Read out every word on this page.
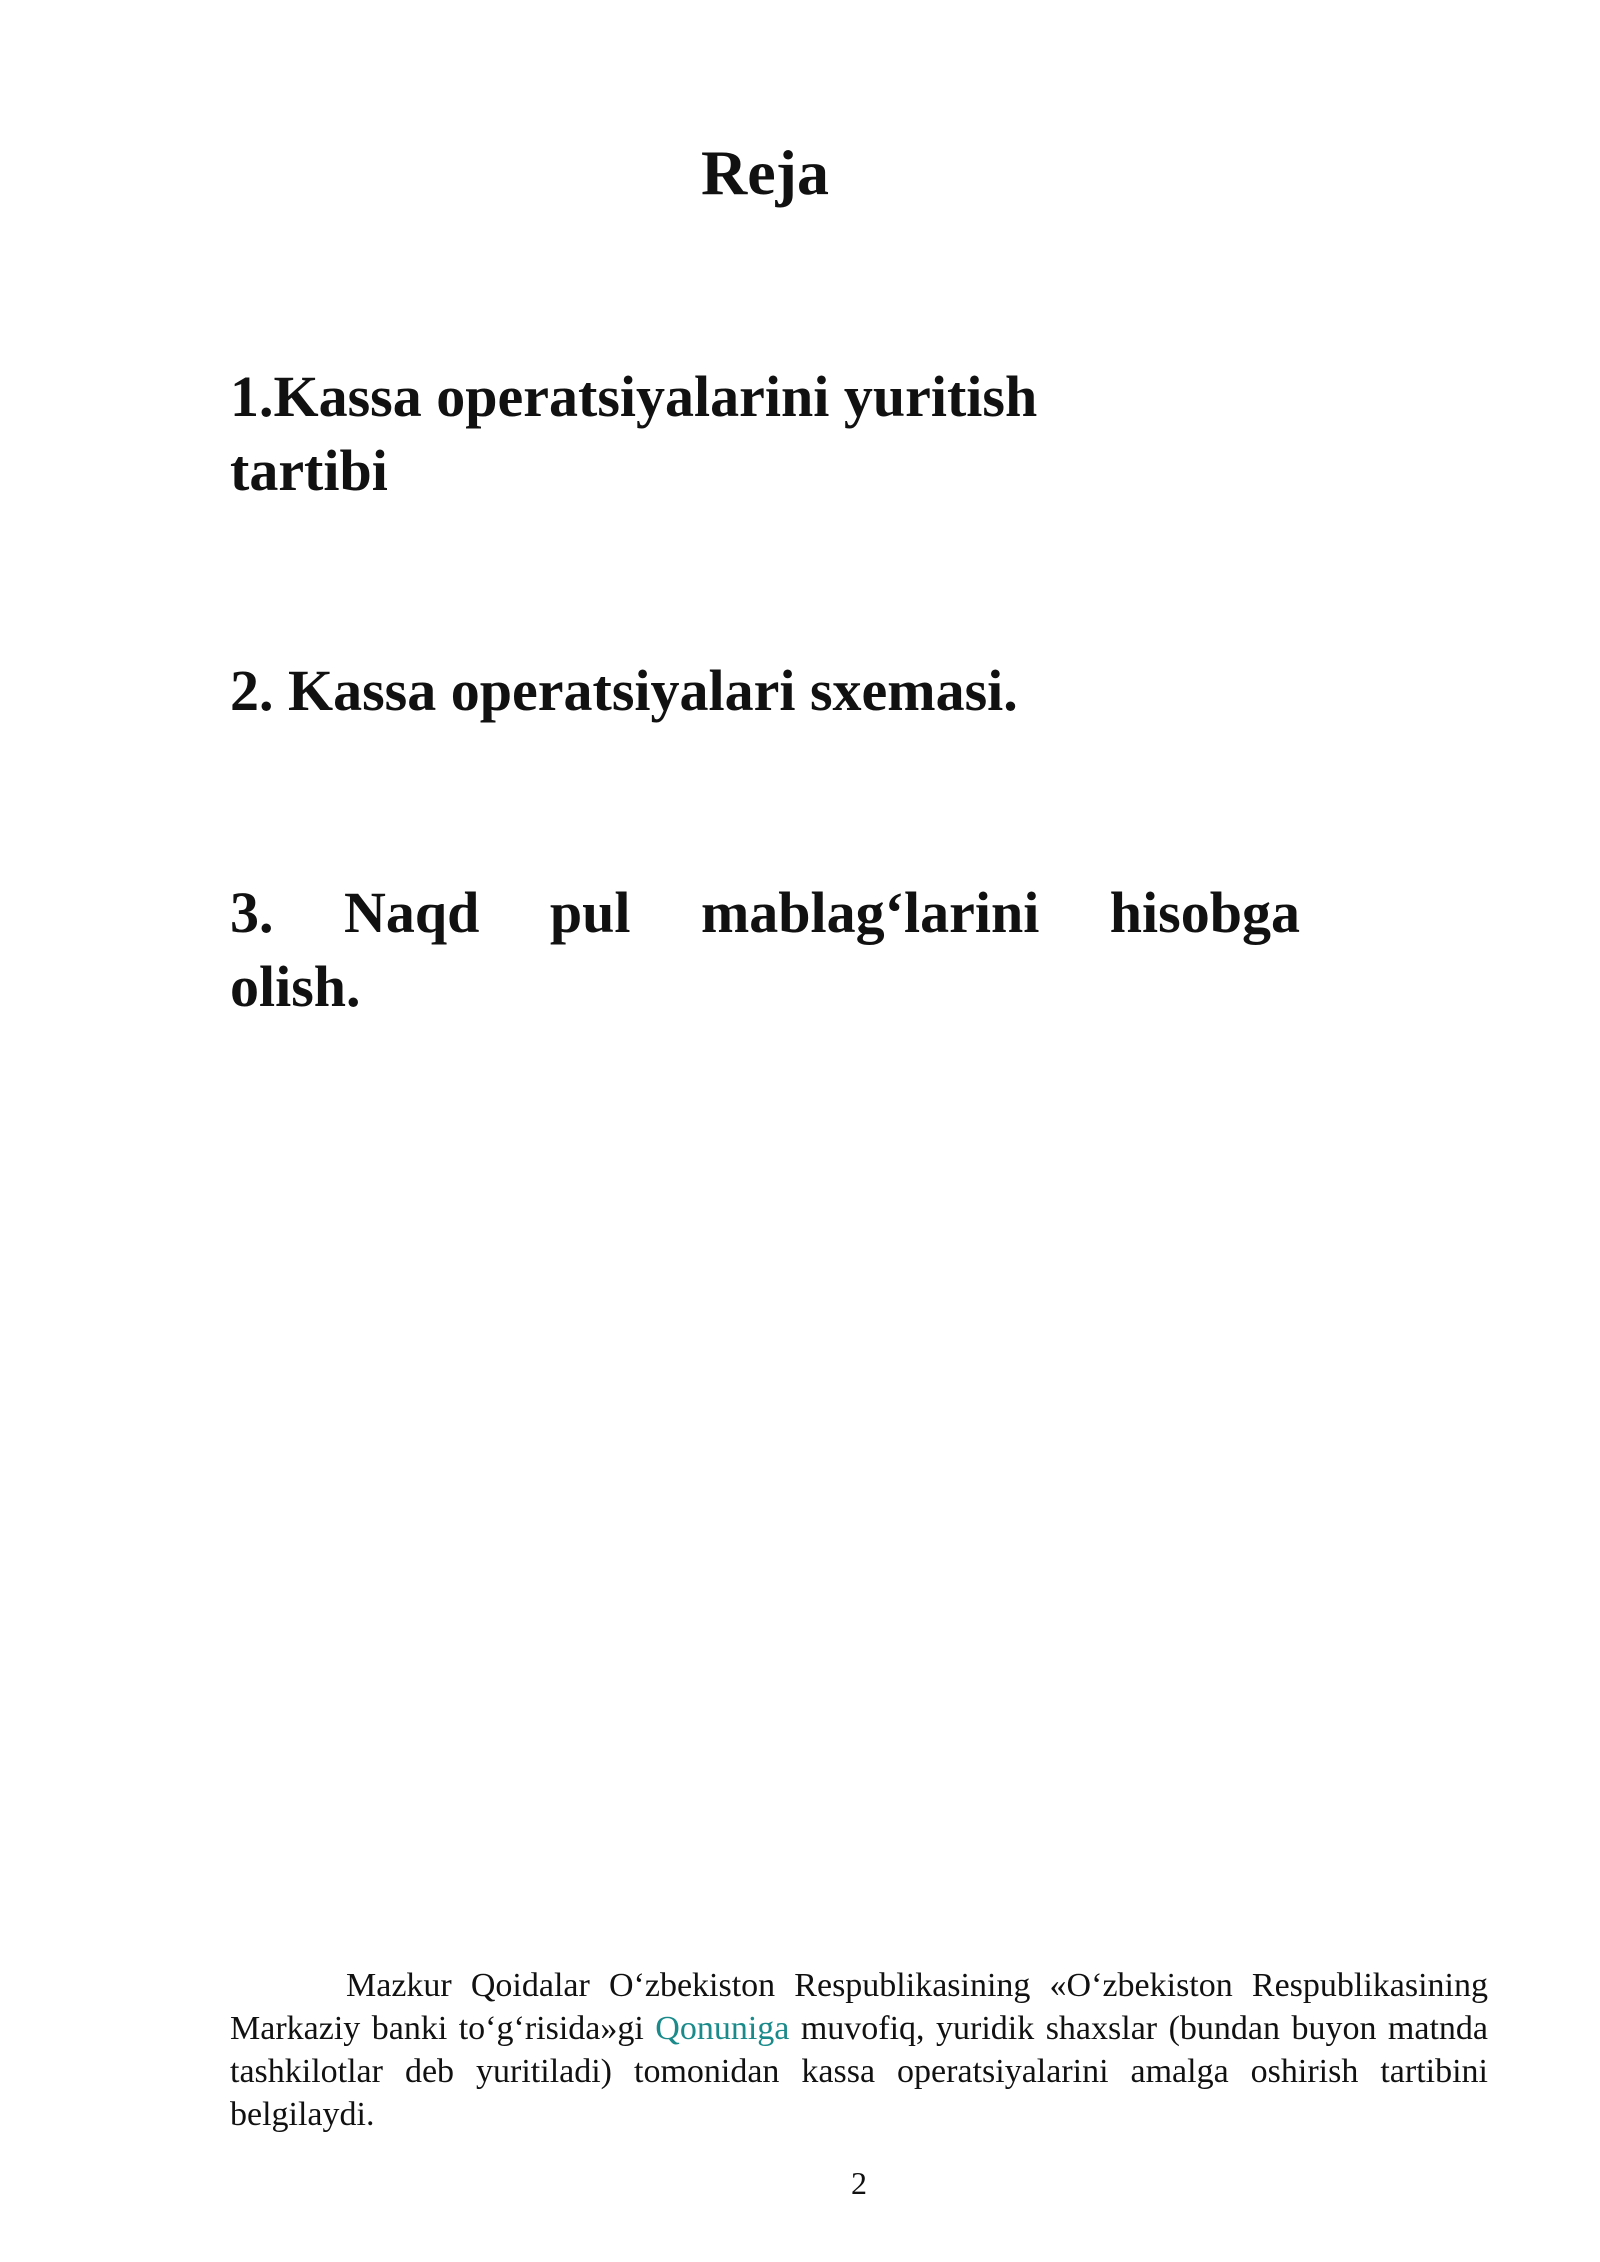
Reja
1.Kassa operatsiyalarini yuritish
tartibi
2. Kassa operatsiyalari sxemasi.
3. Naqd pul mablag‘larini hisobga
olish.

Mazkur Qoidalar O‘zbekiston Respublikasining «O‘zbekiston Respublikasining Markaziy banki to‘g‘risida»gi Qonuniga muvofiq, yuridik shaxslar (bundan buyon matnda tashkilotlar deb yuritiladi) tomonidan kassa operatsiyalarini amalga oshirish tartibini belgilaydi.

2
